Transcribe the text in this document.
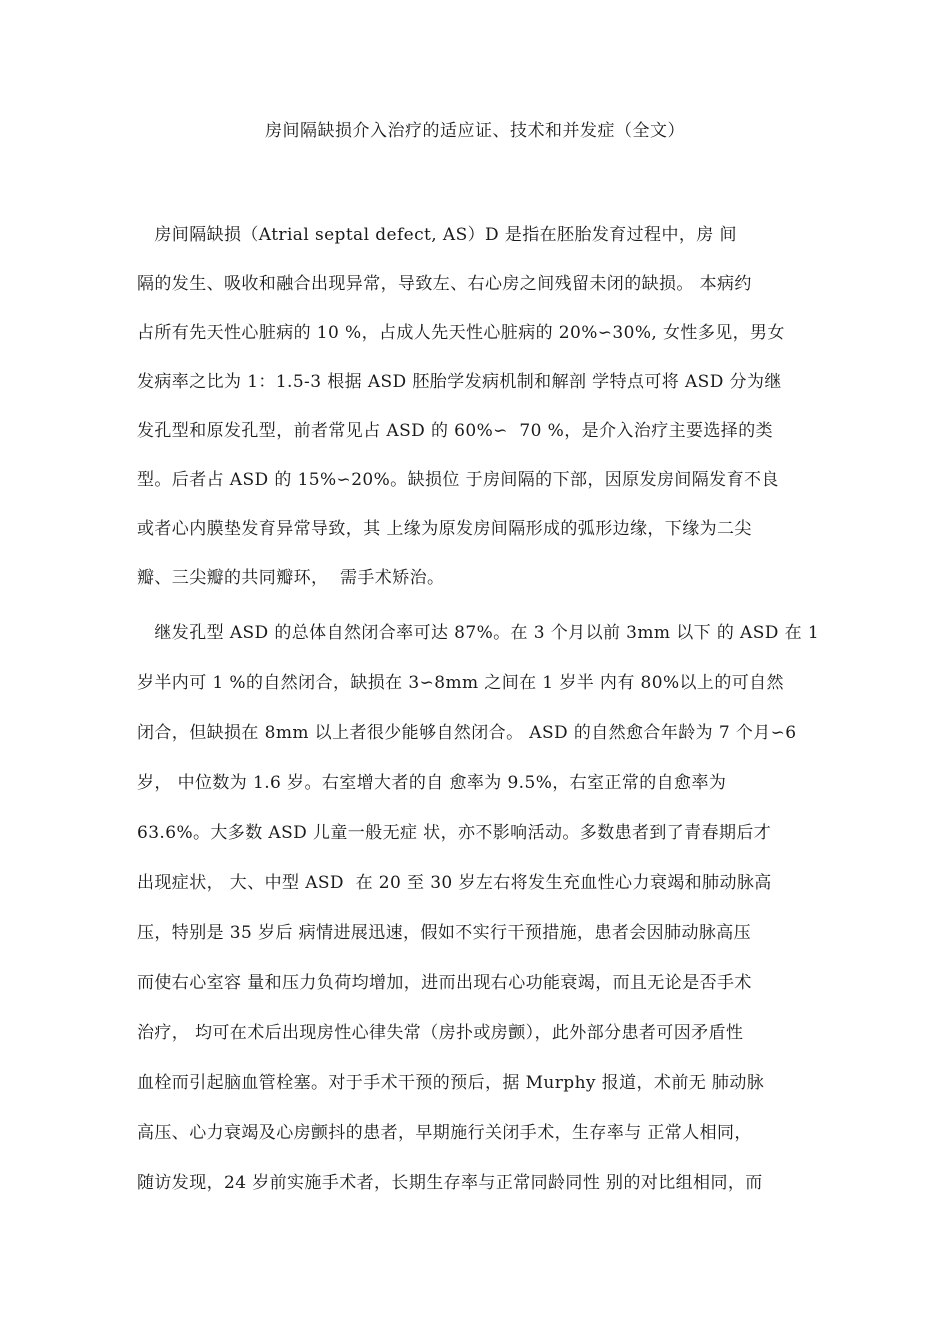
房间隔缺损介入治疗的适应证、技术和并发症（全文）
房间隔缺损（Atrial septal defect, AS）D 是指在胚胎发育过程中，房 间
隔的发生、吸收和融合出现异常，导致左、右心房之间残留未闭的缺损。 本病约
占所有先天性心脏病的 10 %，占成人先天性心脏病的 20%∽30%, 女性多见，男女
发病率之比为 1：1.5-3 根据 ASD 胚胎学发病机制和解剖 学特点可将 ASD 分为继
发孔型和原发孔型，前者常见占 ASD 的 60%∽  70 %，是介入治疗主要选择的类
型。后者占 ASD 的 15%∽20%。缺损位 于房间隔的下部，因原发房间隔发育不良
或者心内膜垫发育异常导致，其 上缘为原发房间隔形成的弧形边缘，下缘为二尖
瓣、三尖瓣的共同瓣环，  需手术矫治。
继发孔型 ASD 的总体自然闭合率可达 87%。在 3 个月以前 3mm 以下 的 ASD 在 1
岁半内可 1 %的自然闭合，缺损在 3∽8mm 之间在 1 岁半 内有 80%以上的可自然
闭合，但缺损在 8mm 以上者很少能够自然闭合。 ASD 的自然愈合年龄为 7 个月∽6
岁， 中位数为 1.6 岁。右室增大者的自 愈率为 9.5%，右室正常的自愈率为
63.6%。大多数 ASD 儿童一般无症 状，亦不影响活动。多数患者到了青春期后才
出现症状， 大、中型 ASD  在 20 至 30 岁左右将发生充血性心力衰竭和肺动脉高
压，特别是 35 岁后 病情进展迅速，假如不实行干预措施，患者会因肺动脉高压
而使右心室容 量和压力负荷均增加，进而出现右心功能衰竭，而且无论是否手术
治疗， 均可在术后出现房性心律失常（房扑或房颤），此外部分患者可因矛盾性
血栓而引起脑血管栓塞。对于手术干预的预后，据 Murphy 报道，术前无 肺动脉
高压、心力衰竭及心房颤抖的患者，早期施行关闭手术，生存率与 正常人相同，
随访发现，24 岁前实施手术者，长期生存率与正常同龄同性 别的对比组相同，而
